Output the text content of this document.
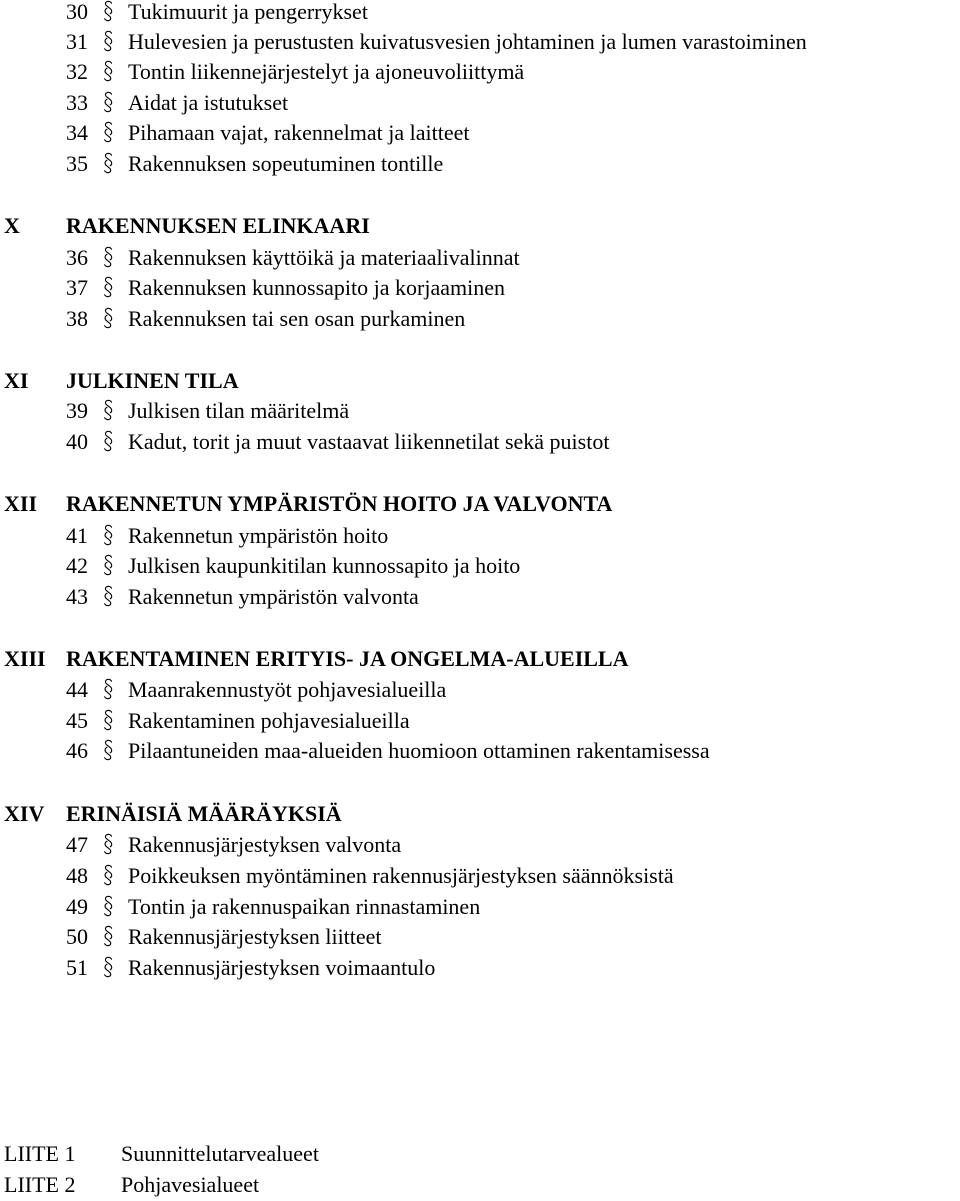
30 Tukimuurit ja pengerrykset
31 Hulevesien ja perustusten kuivatusvesien johtaminen ja lumen varastoiminen
32 Tontin liikennejärjestelyt ja ajoneuvoliittymä
33 Aidat ja istutukset
34 Pihamaan vajat, rakennelmat ja laitteet
35 Rakennuksen sopeutuminen tontille
X RAKENNUKSEN ELINKAARI
36 Rakennuksen käyttöikä ja materiaalivalinnat
37 Rakennuksen kunnossapito ja korjaaminen
38 Rakennuksen tai sen osan purkaminen
XI JULKINEN TILA
39 Julkisen tilan määritelmä
40 Kadut, torit ja muut vastaavat liikennetilat sekä puistot
XII RAKENNETUN YMPÄRISTÖN HOITO JA VALVONTA
41 Rakennetun ympäristön hoito
42 Julkisen kaupunkitilan kunnossapito ja hoito
43 Rakennetun ympäristön valvonta
XIII RAKENTAMINEN ERITYIS- JA ONGELMA-ALUEILLA
44 Maanrakennustyöt pohjavesialueilla
45 Rakentaminen pohjavesialueilla
46 Pilaantuneiden maa-alueiden huomioon ottaminen rakentamisessa
XIV ERINÄISIÄ MÄÄRÄYKSIÄ
47 Rakennusjärjestyksen valvonta
48 Poikkeuksen myöntäminen rakennusjärjestyksen säännöksistä
49 Tontin ja rakennuspaikan rinnastaminen
50 Rakennusjärjestyksen liitteet
51 Rakennusjärjestyksen voimaantulo
LIITE 1 Suunnittelutarvealueet
LIITE 2 Pohjavesialueet
